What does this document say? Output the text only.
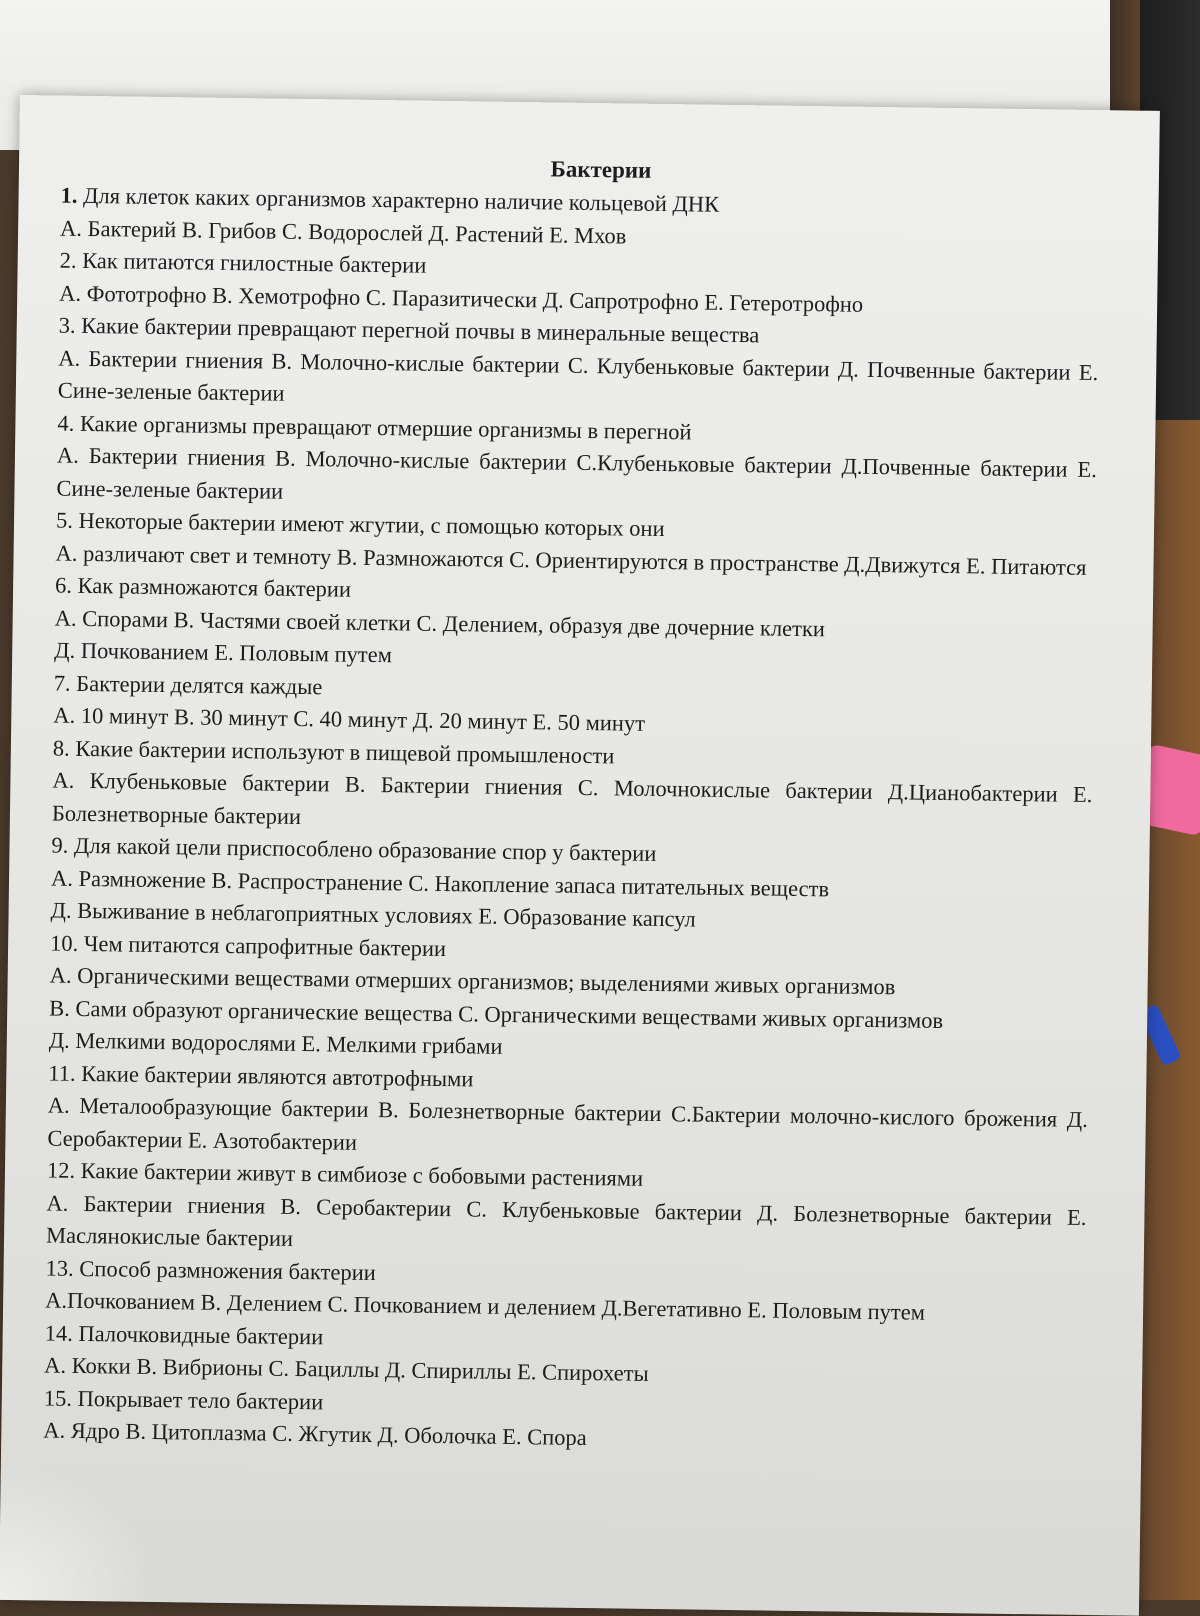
Бактерии

1. Для клеток каких организмов характерно наличие кольцевой ДНК

А. Бактерий В. Грибов С. Водорослей Д. Растений Е. Мхов

2. Как питаются гнилостные бактерии

А. Фототрофно В. Хемотрофно С. Паразитически Д. Сапротрофно Е. Гетеротрофно

3. Какие бактерии превращают перегной почвы в минеральные вещества

А. Бактерии гниения В. Молочно-кислые бактерии С. Клубеньковые бактерии Д. Почвенные бактерии Е. Сине-зеленые бактерии

4. Какие организмы превращают отмершие организмы в перегной

А. Бактерии гниения В. Молочно-кислые бактерии С.Клубеньковые бактерии Д.Почвенные бактерии Е. Сине-зеленые бактерии

5. Некоторые бактерии имеют жгутии, с помощью которых они

А. различают свет и темноту В. Размножаются С. Ориентируются в пространстве Д.Движутся Е. Питаются

6. Как размножаются бактерии

А. Спорами В. Частями своей клетки С. Делением, образуя две дочерние клетки

Д. Почкованием Е. Половым путем

7. Бактерии делятся каждые

А. 10 минут В. 30 минут С. 40 минут Д. 20 минут Е. 50 минут

8. Какие бактерии используют в пищевой промышлености

А. Клубеньковые бактерии В. Бактерии гниения С. Молочнокислые бактерии Д.Цианобактерии Е. Болезнетворные бактерии

9. Для какой цели приспособлено образование спор у бактерии

А. Размножение В. Распространение С. Накопление запаса питательных веществ

Д. Выживание в неблагоприятных условиях Е. Образование капсул

10. Чем питаются сапрофитные бактерии

А. Органическими веществами отмерших организмов; выделениями живых организмов

В. Сами образуют органические вещества С. Органическими веществами живых организмов

Д. Мелкими водорослями Е. Мелкими грибами

11. Какие бактерии являются автотрофными

А. Металообразующие бактерии В. Болезнетворные бактерии С.Бактерии молочно-кислого брожения Д. Серобактерии Е. Азотобактерии

12. Какие бактерии живут в симбиозе с бобовыми растениями

А. Бактерии гниения В. Серобактерии С. Клубеньковые бактерии Д. Болезнетворные бактерии Е. Маслянокислые бактерии

13. Способ размножения бактерии

А.Почкованием В. Делением С. Почкованием и делением Д.Вегетативно Е. Половым путем

14. Палочковидные бактерии

А. Кокки В. Вибрионы С. Бациллы Д. Спириллы Е. Спирохеты

15. Покрывает тело бактерии

А. Ядро В. Цитоплазма С. Жгутик Д. Оболочка Е. Спора
